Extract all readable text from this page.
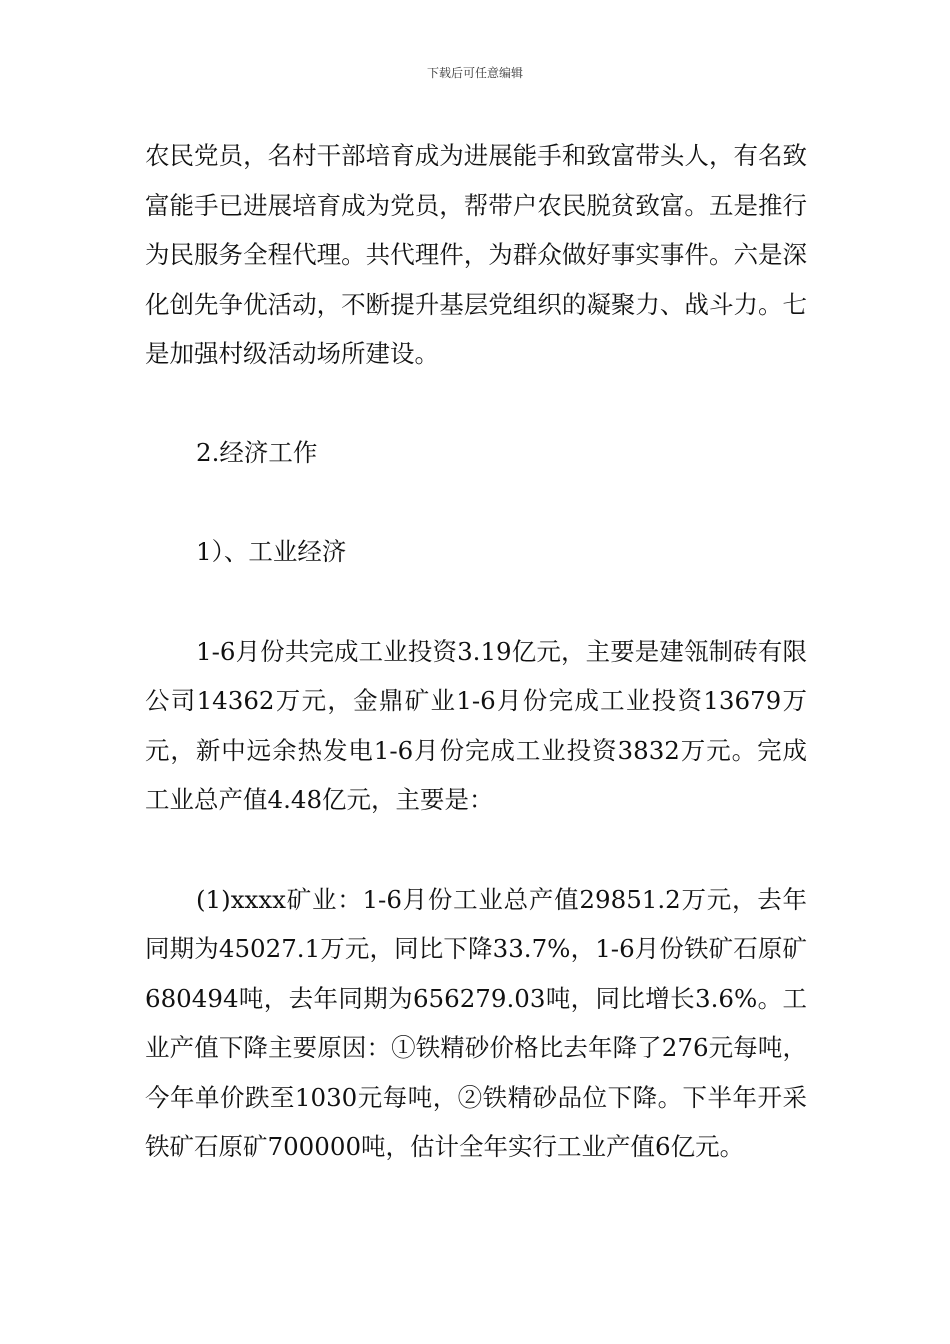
下载后可任意编辑

农民党员，名村干部培育成为进展能手和致富带头人，有名致富能手已进展培育成为党员，帮带户农民脱贫致富。五是推行为民服务全程代理。共代理件，为群众做好事实事件。六是深化创先争优活动，不断提升基层党组织的凝聚力、战斗力。七是加强村级活动场所建设。

2.经济工作

1）、工业经济

1-6月份共完成工业投资3.19亿元，主要是建瓴制砖有限公司14362万元，金鼎矿业1-6月份完成工业投资13679万元，新中远余热发电1-6月份完成工业投资3832万元。完成工业总产值4.48亿元，主要是：

(1)xxxx矿业：1-6月份工业总产值29851.2万元，去年同期为45027.1万元，同比下降33.7%，1-6月份铁矿石原矿680494吨，去年同期为656279.03吨，同比增长3.6%。工业产值下降主要原因：①铁精砂价格比去年降了276元每吨，今年单价跌至1030元每吨，②铁精砂品位下降。下半年开采铁矿石原矿700000吨，估计全年实行工业产值6亿元。
